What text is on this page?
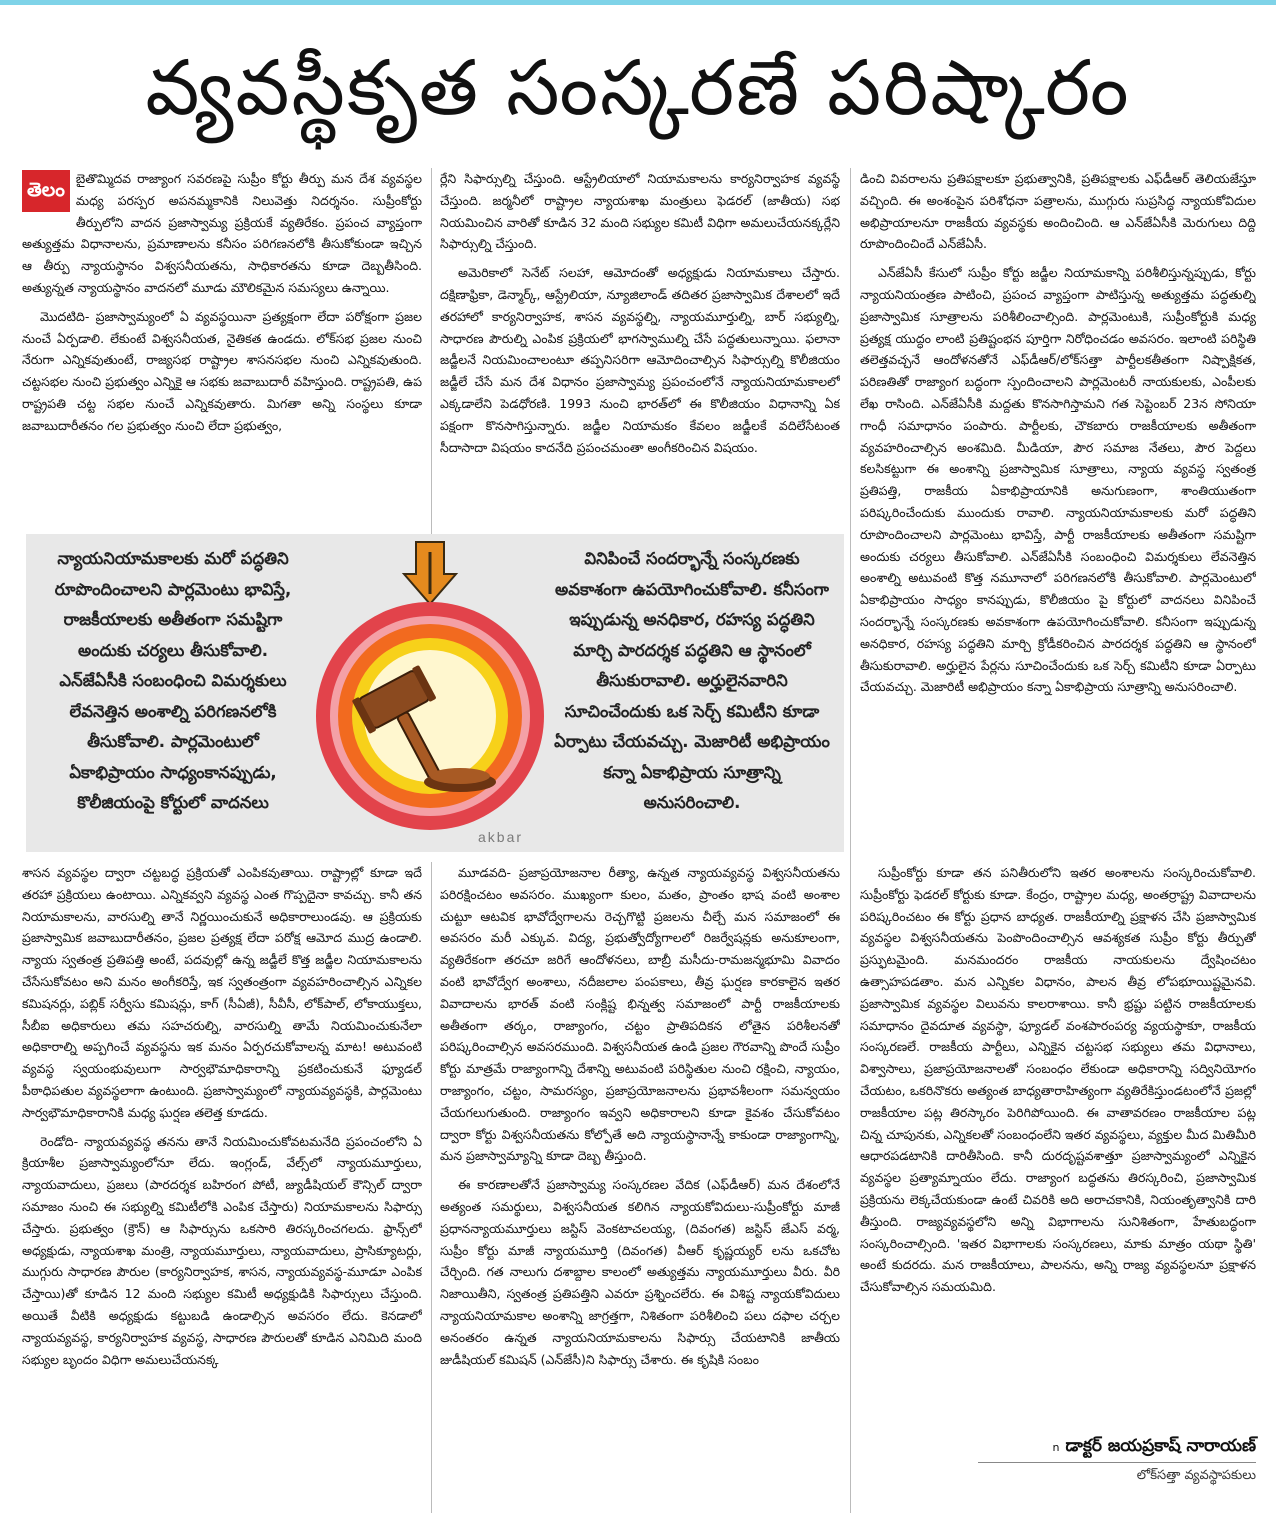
వ్యవస్థీకృత సంస్కరణే పరిష్కారం

తెలం
బైతొమ్మిదవ రాజ్యాంగ సవరణపై సుప్రీం కోర్టు తీర్పు మన దేశ వ్యవస్థల మధ్య పరస్పర అపనమ్మకానికి నిలువెత్తు నిదర్శనం. సుప్రీంకోర్టు తీర్పులోని వాదన ప్రజాస్వామ్య ప్రక్రియకే వ్యతిరేకం. ప్రపంచ వ్యాప్తంగా అత్యుత్తమ విధానాలను, ప్రమాణాలను కనీసం పరిగణనలోకి తీసుకోకుండా ఇచ్చిన ఆ తీర్పు న్యాయస్థానం విశ్వసనీయతను, సాధికారతను కూడా దెబ్బతీసింది. అత్యున్నత న్యాయస్థానం వాదనలో మూడు మౌలికమైన సమస్యలు ఉన్నాయి.

మొదటిది- ప్రజాస్వామ్యంలో ఏ వ్యవస్థయినా ప్రత్యక్షంగా లేదా పరోక్షంగా ప్రజల నుంచే ఏర్పడాలి. లేకుంటే విశ్వసనీయత, నైతికత ఉండదు. లోక్‌సభ ప్రజల నుంచి నేరుగా ఎన్నికవుతుంటే, రాజ్యసభ రాష్ట్రాల శాసనసభల నుంచి ఎన్నికవుతుంది. చట్టసభల నుంచి ప్రభుత్వం ఎన్నికై ఆ సభకు జవాబుదారీ వహిస్తుంది. రాష్ట్రపతి, ఉప రాష్ట్రపతి చట్ట సభల నుంచే ఎన్నికవుతారు. మిగతా అన్ని సంస్థలు కూడా జవాబుదారీతనం గల ప్రభుత్వం నుంచి లేదా ప్రభుత్వం,

ర్లేని సిఫార్సుల్ని చేస్తుంది. ఆస్ట్రేలియాలో నియామకాలను కార్యనిర్వాహక వ్యవస్థే చేస్తుంది. జర్మనీలో రాష్ట్రాల న్యాయశాఖ మంత్రులు ఫెడరల్ (జాతీయ) సభ నియమించిన వారితో కూడిన 32 మంది సభ్యుల కమిటీ విధిగా అమలుచేయనక్కర్లేని సిఫార్సుల్ని చేస్తుంది.

అమెరికాలో సెనేట్ సలహా, ఆమోదంతో అధ్యక్షుడు నియామకాలు చేస్తారు. దక్షిణాఫ్రికా, డెన్మార్క్, ఆస్ట్రేలియా, న్యూజిలాండ్ తదితర ప్రజాస్వామిక దేశాలలో ఇదే తరహాలో కార్యనిర్వాహక, శాసన వ్యవస్థల్ని, న్యాయమూర్తుల్ని, బార్ సభ్యుల్ని, సాధారణ పౌరుల్ని ఎంపిక ప్రక్రియలో భాగస్వాముల్ని చేసే పద్ధతులున్నాయి. ఫలానా జడ్జీలనే నియమించాలంటూ తప్పనిసరిగా ఆమోదించాల్సిన సిఫార్సుల్ని కొలీజియం జడ్జీలే చేసే మన దేశ విధానం ప్రజాస్వామ్య ప్రపంచంలోనే న్యాయనియామకాలలో ఎక్కడాలేని పెడధోరణి. 1993 నుంచి భారత్‌లో ఈ కొలీజియం విధానాన్ని ఏక పక్షంగా కొనసాగిస్తున్నారు. జడ్జీల నియామకం కేవలం జడ్జీలకే వదిలేసేటంత సీదాసాదా విషయం కాదనేది ప్రపంచమంతా అంగీకరించిన విషయం.

డించి వివరాలను ప్రతిపక్షాలకూ ప్రభుత్వానికి, ప్రతిపక్షాలకు ఎఫ్‌డీఆర్ తెలియజేస్తూ వచ్చింది. ఈ అంశంపైన పరిశోధనా పత్రాలను, ముగ్గురు సుప్రసిద్ధ న్యాయకోవిదుల అభిప్రాయాలనూ రాజకీయ వ్యవస్థకు అందించింది. ఆ ఎన్‌జేఏసీకి మెరుగులు దిద్ది రూపొందించిందే ఎన్‌జేఏసీ.

ఎన్‌జేఏసీ కేసులో సుప్రీం కోర్టు జడ్జీల నియామకాన్ని పరిశీలిస్తున్నప్పుడు, కోర్టు న్యాయనియంత్రణ పాటించి, ప్రపంచ వ్యాప్తంగా పాటిస్తున్న అత్యుత్తమ పద్ధతుల్ని ప్రజాస్వామిక సూత్రాలను పరిశీలించాల్సింది. పార్లమెంటుకి, సుప్రీంకోర్టుకి మధ్య ప్రత్యక్ష యుద్ధం లాంటి ప్రతిష్టంభన పూర్తిగా నిరోధించడం అవసరం. ఇలాంటి పరిస్థితి తలెత్తవచ్చనే ఆందోళనతోనే ఎఫ్‌డీఆర్/లోక్‌సత్తా పార్టీలకతీతంగా నిష్పాక్షికత, పరిణతితో రాజ్యాంగ బద్ధంగా స్పందించాలని పార్లమెంటరీ నాయకులకు, ఎంపీలకు లేఖ రాసింది. ఎన్‌జేఏసీకి మద్దతు కొనసాగిస్తామని గత సెప్టెంబర్ 23న సోనియా గాంధీ సమాధానం పంపారు. పార్టీలకు, చౌకబారు రాజకీయాలకు అతీతంగా వ్యవహరించాల్సిన అంశమిది. మీడియా, పౌర సమాజ నేతలు, పౌర పెద్దలు కలసికట్టుగా ఈ అంశాన్ని ప్రజాస్వామిక సూత్రాలు, న్యాయ వ్యవస్థ స్వతంత్ర ప్రతిపత్తి, రాజకీయ ఏకాభిప్రాయానికి అనుగుణంగా, శాంతియుతంగా పరిష్కరించేందుకు ముందుకు రావాలి. న్యాయనియామకాలకు మరో పద్ధతిని రూపొందించాలని పార్లమెంటు భావిస్తే, పార్టీ రాజకీయాలకు అతీతంగా సమష్టిగా అందుకు చర్యలు తీసుకోవాలి. ఎన్‌జేఏసీకి సంబంధించి విమర్శకులు లేవనెత్తిన అంశాల్ని అటువంటి కొత్త నమూనాలో పరిగణనలోకి తీసుకోవాలి. పార్లమెంటులో ఏకాభిప్రాయం సాధ్యం కానప్పుడు, కొలీజియం పై కోర్టులో వాదనలు వినిపించే సందర్భాన్నే సంస్కరణకు అవకాశంగా ఉపయోగించుకోవాలి. కనీసంగా ఇప్పుడున్న అనధికార, రహస్య పద్ధతిని మార్చి క్రోడీకరించిన పారదర్శక పద్ధతిని ఆ స్థానంలో తీసుకురావాలి. అర్హులైన పేర్లను సూచించేందుకు ఒక సెర్చ్ కమిటీని కూడా ఏర్పాటు చేయవచ్చు. మెజారిటీ అభిప్రాయం కన్నా ఏకాభిప్రాయ సూత్రాన్ని అనుసరించాలి.

న్యాయనియామకాలకు మరో పద్ధతిని రూపొందించాలని పార్లమెంటు భావిస్తే, రాజకీయాలకు అతీతంగా సమష్టిగా అందుకు చర్యలు తీసుకోవాలి. ఎన్‌జేఏసీకి సంబంధించి విమర్శకులు లేవనెత్తిన అంశాల్ని పరిగణనలోకి తీసుకోవాలి. పార్లమెంటులో ఏకాభిప్రాయం సాధ్యంకానప్పుడు, కొలీజియంపై కోర్టులో వాదనలు
akbar
వినిపించే సందర్భాన్నే సంస్కరణకు అవకాశంగా ఉపయోగించుకోవాలి. కనీసంగా ఇప్పుడున్న అనధికార, రహస్య పద్ధతిని మార్చి పారదర్శక పద్ధతిని ఆ స్థానంలో తీసుకురావాలి. అర్హులైనవారిని సూచించేందుకు ఒక సెర్చ్ కమిటీని కూడా ఏర్పాటు చేయవచ్చు. మెజారిటీ అభిప్రాయం కన్నా ఏకాభిప్రాయ సూత్రాన్ని అనుసరించాలి.

శాసన వ్యవస్థల ద్వారా చట్టబద్ధ ప్రక్రియతో ఎంపికవుతాయి. రాష్ట్రాల్లో కూడా ఇదే తరహా ప్రక్రియలు ఉంటాయి. ఎన్నికవ్వని వ్యవస్థ ఎంత గొప్పదైనా కావచ్చు. కానీ తన నియామకాలను, వారసుల్ని తానే నిర్ణయించుకునే అధికారాలుండవు. ఆ ప్రక్రియకు ప్రజాస్వామిక జవాబుదారీతనం, ప్రజల ప్రత్యక్ష లేదా పరోక్ష ఆమోద ముద్ర ఉండాలి. న్యాయ స్వతంత్ర ప్రతిపత్తి అంటే, పదవుల్లో ఉన్న జడ్జీలే కొత్త జడ్జీల నియామకాలను చేసేసుకోవటం అని మనం అంగీకరిస్తే, ఇక స్వతంత్రంగా వ్యవహరించాల్సిన ఎన్నికల కమిషనర్లు, పబ్లిక్ సర్వీసు కమిషన్లు, కాగ్ (సీఏజీ), సీవీసీ, లోక్‌పాల్, లోకాయుక్తలు, సీబీఐ అధికారులు తమ సహచరుల్ని, వారసుల్ని తామే నియమించుకునేలా అధికారాల్ని అప్పగించే వ్యవస్థను ఇక మనం ఏర్పరచుకోవాలన్న మాట! అటువంటి వ్యవస్థ స్వయంభువులుగా సార్వభౌమాధికారాన్ని ప్రకటించుకునే ఫ్యూడల్ పీఠాధిపతుల వ్యవస్థలాగా ఉంటుంది. ప్రజాస్వామ్యంలో న్యాయవ్యవస్థకి, పార్లమెంటు సార్వభౌమాధికారానికి మధ్య ఘర్షణ తలెత్త కూడదు.

రెండోది- న్యాయవ్యవస్థ తనను తానే నియమించుకోవటమనేది ప్రపంచంలోని ఏ క్రియాశీల ప్రజాస్వామ్యంలోనూ లేదు. ఇంగ్లండ్, వేల్స్‌లో న్యాయమూర్తులు, న్యాయవాదులు, ప్రజలు (పారదర్శక బహిరంగ పోటీ, జ్యుడీషియల్ కౌన్సిల్ ద్వారా సమాజం నుంచి ఈ సభ్యుల్ని కమిటీలోకి ఎంపిక చేస్తారు) నియామకాలను సిఫార్సు చేస్తారు. ప్రభుత్వం (క్రౌన్) ఆ సిఫార్సును ఒకసారి తిరస్కరించగలదు. ఫ్రాన్స్‌లో అధ్యక్షుడు, న్యాయశాఖ మంత్రి, న్యాయమూర్తులు, న్యాయవాదులు, ప్రాసిక్యూటర్లు, ముగ్గురు సాధారణ పౌరుల (కార్యనిర్వాహక, శాసన, న్యాయవ్యవస్థ-మూడూ ఎంపిక చేస్తాయి)తో కూడిన 12 మంది సభ్యుల కమిటీ అధ్యక్షుడికి సిఫార్సులు చేస్తుంది. అయితే వీటికి అధ్యక్షుడు కట్టుబడి ఉండాల్సిన అవసరం లేదు. కెనడాలో న్యాయవ్యవస్థ, కార్యనిర్వాహక వ్యవస్థ, సాధారణ పౌరులతో కూడిన ఎనిమిది మంది సభ్యుల బృందం విధిగా అమలుచేయనక్క

మూడవది- ప్రజాప్రయోజనాల రీత్యా, ఉన్నత న్యాయవ్యవస్థ విశ్వసనీయతను పరిరక్షించటం అవసరం. ముఖ్యంగా కులం, మతం, ప్రాంతం భాష వంటి అంశాల చుట్టూ ఆటవిక భావోద్వేగాలను రెచ్చగొట్టి ప్రజలను చీల్చే మన సమాజంలో ఈ అవసరం మరీ ఎక్కువ. విద్య, ప్రభుత్వోద్యోగాలలో రిజర్వేషన్లకు అనుకూలంగా, వ్యతిరేకంగా తరచూ జరిగే ఆందోళనలు, బాబ్రీ మసీదు-రామజన్మభూమి వివాదం వంటి భావోద్వేగ అంశాలు, నదీజలాల పంపకాలు, తీవ్ర ఘర్షణ కారకాలైన ఇతర వివాదాలను భారత్ వంటి సంక్లిష్ట భిన్నత్వ సమాజంలో పార్టీ రాజకీయాలకు అతీతంగా తర్కం, రాజ్యాంగం, చట్టం ప్రాతిపదికన లోతైన పరిశీలనతో పరిష్కరించాల్సిన అవసరముంది. విశ్వసనీయత ఉండి ప్రజల గౌరవాన్ని పొందే సుప్రీం కోర్టు మాత్రమే రాజ్యాంగాన్ని దేశాన్ని అటువంటి పరిస్థితుల నుంచి రక్షించి, న్యాయం, రాజ్యాంగం, చట్టం, సామరస్యం, ప్రజాప్రయోజనాలను ప్రభావశీలంగా సమన్వయం చేయగలుగుతుంది. రాజ్యాంగం ఇవ్వని అధికారాలని కూడా కైవశం చేసుకోవటం ద్వారా కోర్టు విశ్వసనీయతను కోల్పోతే అది న్యాయస్థానాన్నే కాకుండా రాజ్యాంగాన్ని, మన ప్రజాస్వామ్యాన్ని కూడా దెబ్బ తీస్తుంది.

ఈ కారణాలతోనే ప్రజాస్వామ్య సంస్కరణల వేదిక (ఎఫ్‌డీఆర్) మన దేశంలోనే అత్యంత సమర్థులు, విశ్వసనీయత కలిగిన న్యాయకోవిదులు-సుప్రీంకోర్టు మాజీ ప్రధానన్యాయమూర్తులు జస్టిస్ వెంకటాచలయ్య, (దివంగత) జస్టిస్ జేఎస్ వర్మ, సుప్రీం కోర్టు మాజీ న్యాయమూర్తి (దివంగత) వీఆర్ కృష్ణయ్యర్ లను ఒకచోట చేర్చింది. గత నాలుగు దశాబ్దాల కాలంలో అత్యుత్తమ న్యాయమూర్తులు వీరు. వీరి నిజాయితీని, స్వతంత్ర ప్రతిపత్తిని ఎవరూ ప్రశ్నించలేరు. ఈ విశిష్ట న్యాయకోవిదులు న్యాయనియామకాల అంశాన్ని జాగ్రత్తగా, నిశితంగా పరిశీలించి పలు దఫాల చర్చల అనంతరం ఉన్నత న్యాయనియామకాలను సిఫార్సు చేయటానికి జాతీయ జుడీషియల్ కమిషన్ (ఎన్‌జేసీ)ని సిఫార్సు చేశారు. ఈ కృషికి సంబం

సుప్రీంకోర్టు కూడా తన పనితీరులోని ఇతర అంశాలను సంస్కరించుకోవాలి. సుప్రీంకోర్టు ఫెడరల్ కోర్టుకు కూడా. కేంద్రం, రాష్ట్రాల మధ్య, అంతర్రాష్ట్ర వివాదాలను పరిష్కరించటం ఈ కోర్టు ప్రధాన బాధ్యత. రాజకీయాల్ని ప్రక్షాళన చేసి ప్రజాస్వామిక వ్యవస్థల విశ్వసనీయతను పెంపొందించాల్సిన ఆవశ్యకత సుప్రీం కోర్టు తీర్పుతో ప్రస్ఫుటమైంది. మనమందరం రాజకీయ నాయకులను ద్వేషించటం ఉత్సాహపడతాం. మన ఎన్నికల విధానం, పాలన తీవ్ర లోపభూయిష్టమైనవి. ప్రజాస్వామిక వ్యవస్థల విలువను కాలరాశాయి. కానీ భ్రష్టు పట్టిన రాజకీయాలకు సమాధానం దైవదూత వ్యవస్థా, ఫ్యూడల్ వంశపారంపర్య వ్యయస్థాకూ, రాజకీయ సంస్కరణలే. రాజకీయ పార్టీలు, ఎన్నికైన చట్టసభ సభ్యులు తమ విధానాలు, విశ్వాసాలు, ప్రజాప్రయోజనాలతో సంబంధం లేకుండా అధికారాన్ని సద్వినియోగం చేయటం, ఒకరినొకరు అత్యంత బాధ్యతారాహిత్యంగా వ్యతిరేకిస్తుండటంలోనే ప్రజల్లో రాజకీయాల పట్ల తిరస్కారం పెరిగిపోయింది. ఈ వాతావరణం రాజకీయాల పట్ల చిన్న చూపునకు, ఎన్నికలతో సంబంధంలేని ఇతర వ్యవస్థలు, వ్యక్తుల మీద మితిమీరి ఆధారపడటానికి దారితీసింది. కానీ దురదృష్టవశాత్తూ ప్రజాస్వామ్యంలో ఎన్నికైన వ్యవస్థల ప్రత్యామ్నాయం లేదు. రాజ్యాంగ బద్ధతను తిరస్కరించి, ప్రజాస్వామిక ప్రక్రియను లెక్కచేయకుండా ఉంటే చివరికి అది అరాచకానికి, నియంతృత్వానికి దారి తీస్తుంది. రాజ్యవ్యవస్థలోని అన్ని విభాగాలను సునిశితంగా, హేతుబద్ధంగా సంస్కరించాల్సింది. 'ఇతర విభాగాలకు సంస్కరణలు, మాకు మాత్రం యథా స్థితి' అంటే కుదరదు. మన రాజకీయాలు, పాలనను, అన్ని రాజ్య వ్యవస్థలనూ ప్రక్షాళన చేసుకోవాల్సిన సమయమిది.

n డాక్టర్ జయప్రకాష్ నారాయణ్
లోక్‌సత్తా వ్యవస్థాపకులు
